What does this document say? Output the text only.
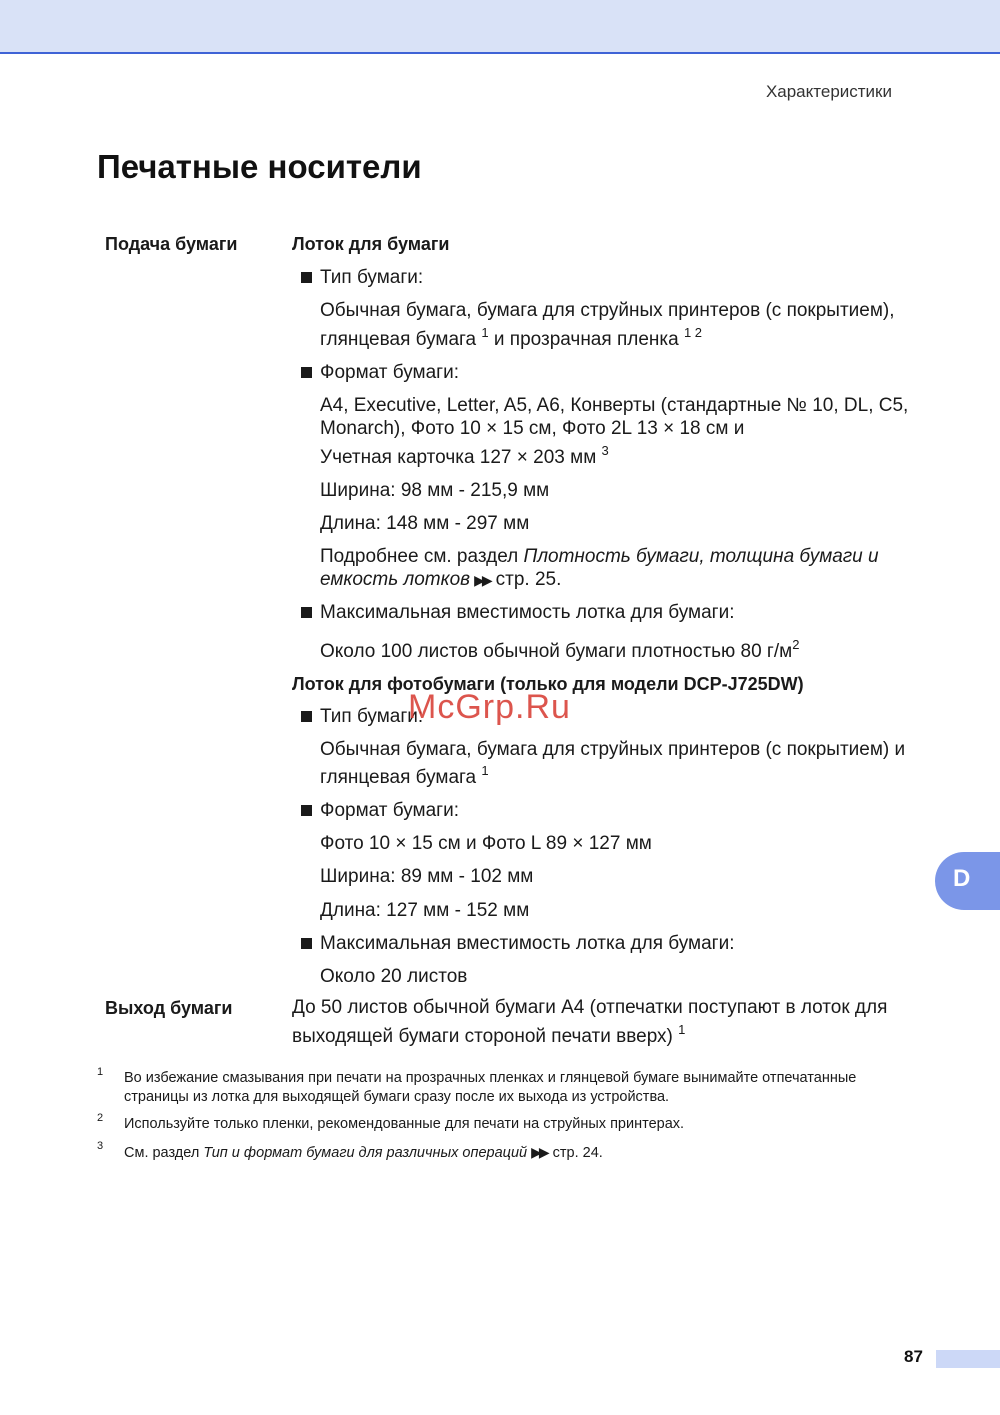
Характеристики
Печатные носители
Подача бумаги	Лоток для бумаги
Тип бумаги:
Обычная бумага, бумага для струйных принтеров (с покрытием),
глянцевая бумага $^1$ и прозрачная пленка $^{1 2}$
Формат бумаги:
A4, Executive, Letter, A5, A6, Конверты (стандартные № 10, DL, C5,
Monarch), Фото 10 × 15 см, Фото 2L 13 × 18 см и
Учетная карточка 127 × 203 мм $^3$
Ширина: 98 мм - 215,9 мм
Длина: 148 мм - 297 мм
Подробнее см. раздел Плотность бумаги, толщина бумаги и
емкость лотков ▶▶ стр. 25.
Максимальная вместимость лотка для бумаги:
Около 100 листов обычной бумаги плотностью 80 $г/м^2$
Лоток для фотобумаги (только для модели DCP-J725DW)
Тип бумаги:
Обычная бумага, бумага для струйных принтеров (с покрытием) и
глянцевая бумага $^1$
Формат бумаги:
Фото 10 × 15 см и Фото L 89 × 127 мм
Ширина: 89 мм - 102 мм
Длина: 127 мм - 152 мм
Максимальная вместимость лотка для бумаги:
Около 20 листов
Выход бумаги	До 50 листов обычной бумаги A4 (отпечатки поступают в лоток для
выходящей бумаги стороной печати вверх) $^1$
1 Во избежание смазывания при печати на прозрачных пленках и глянцевой бумаге вынимайте отпечатанные
страницы из лотка для выходящей бумаги сразу после их выхода из устройства.
2 Используйте только пленки, рекомендованные для печати на струйных принтерах.
3 См. раздел Тип и формат бумаги для различных операций ▶▶ стр. 24.
D
McGrp.Ru
87
